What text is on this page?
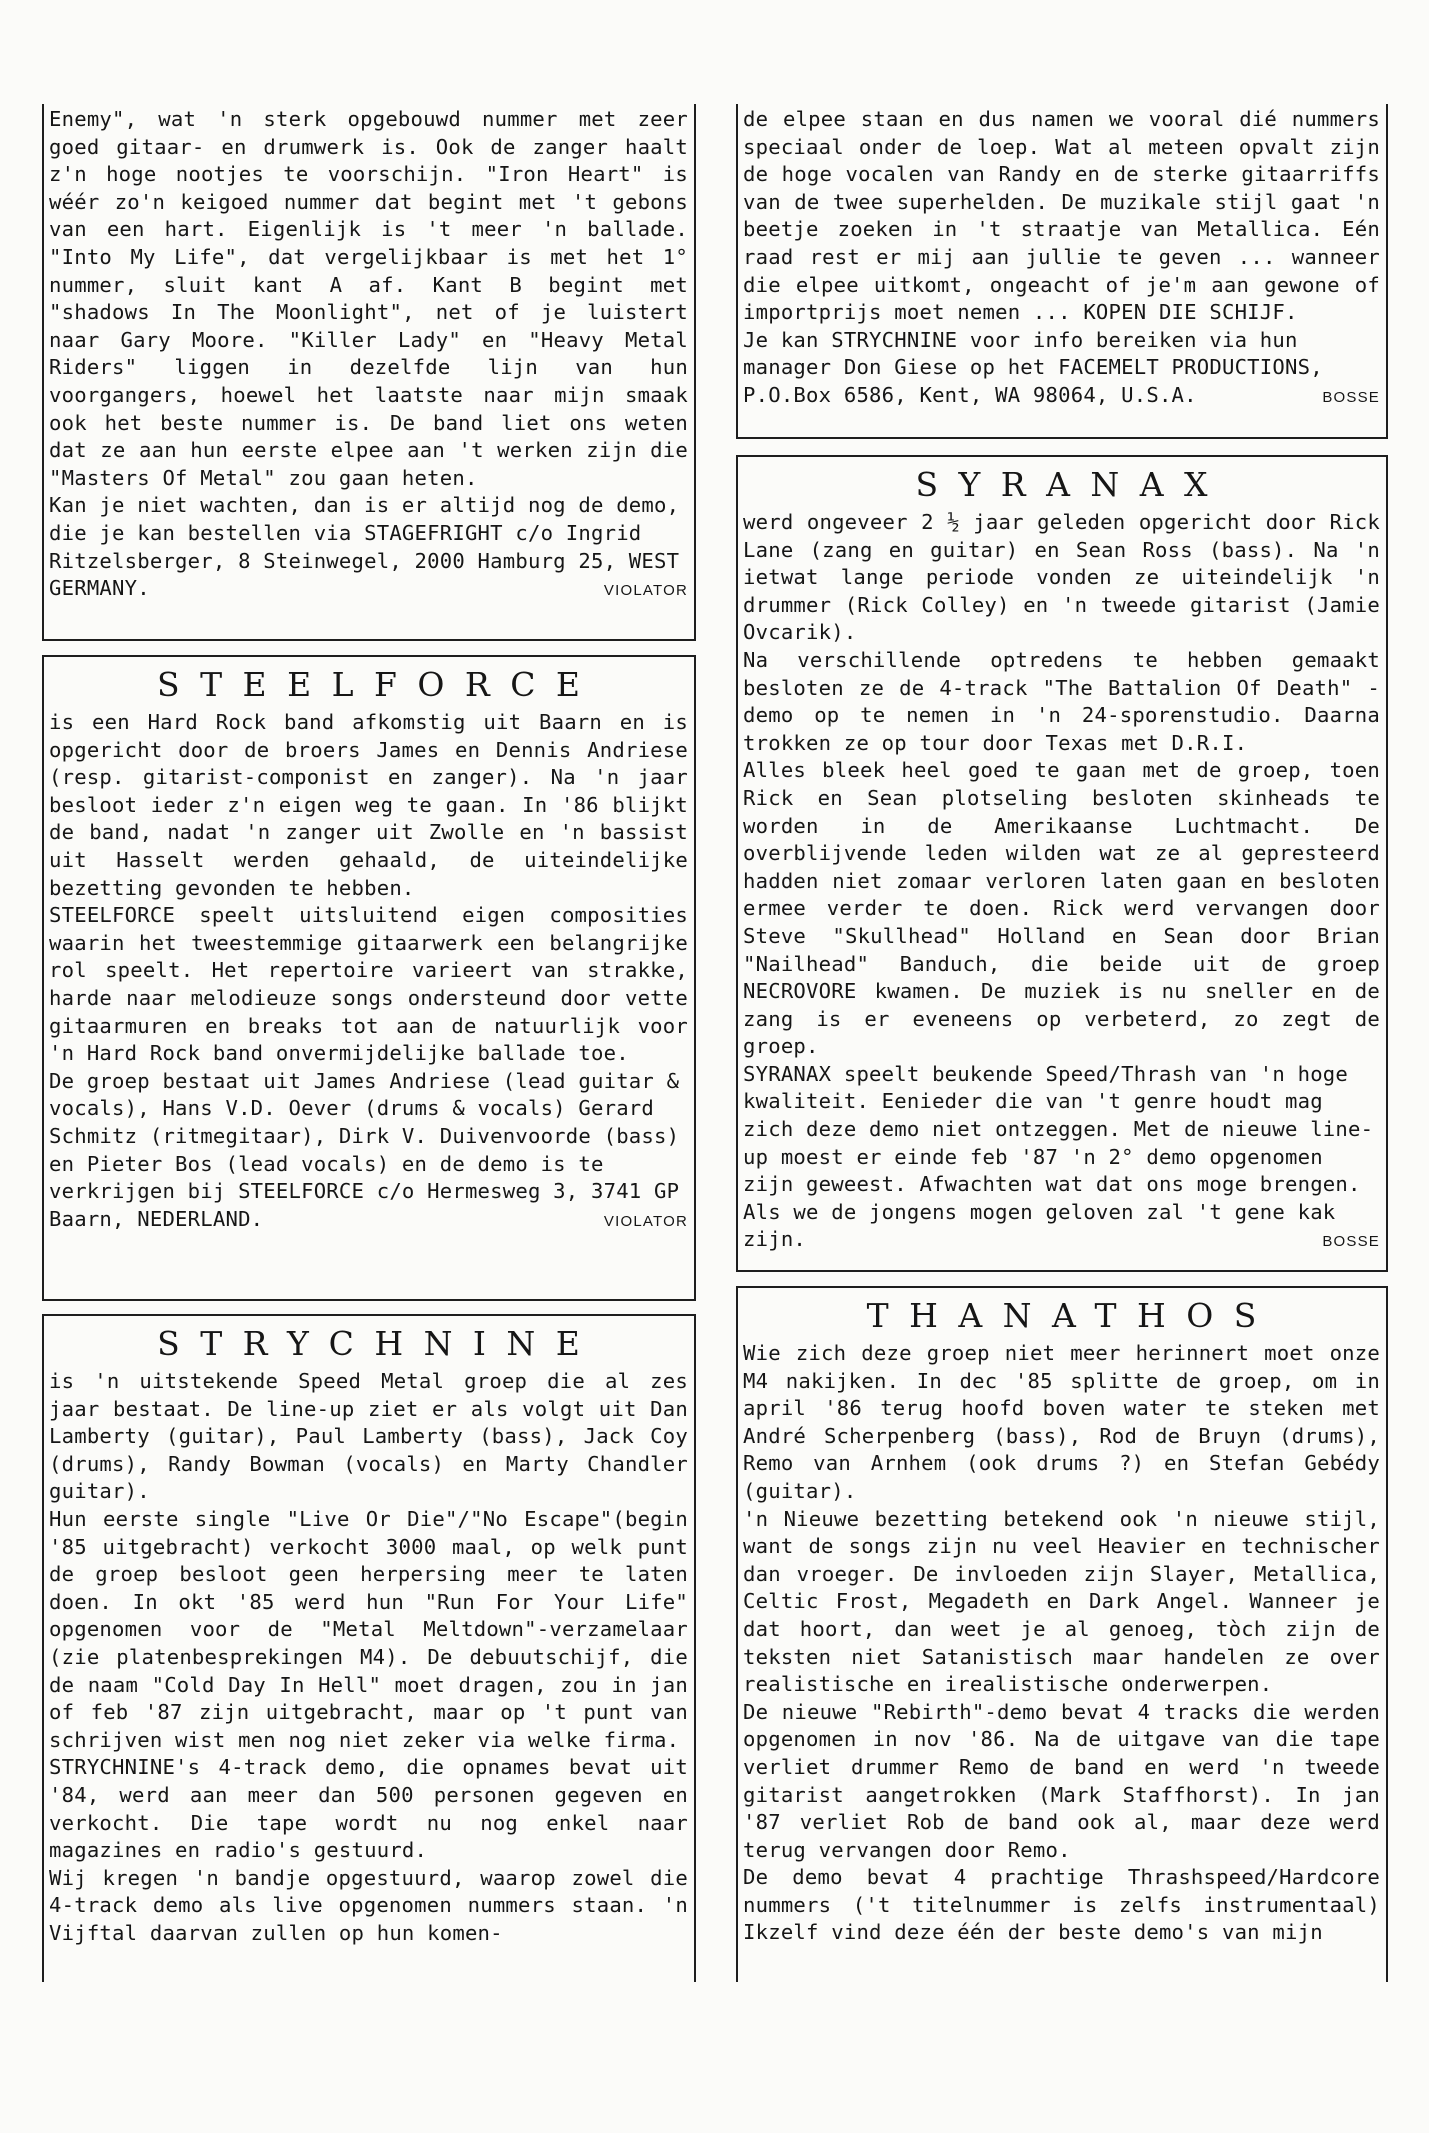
Enemy", wat 'n sterk opgebouwd nummer met zeer goed gitaar- en drumwerk is. Ook de zanger haalt z'n hoge nootjes te voorschijn. "Iron Heart" is wéér zo'n keigoed nummer dat begint met 't gebons van een hart. Eigenlijk is 't meer 'n ballade. "Into My Life", dat vergelijkbaar is met het 1° nummer, sluit kant A af. Kant B begint met "shadows In The Moonlight", net of je luistert naar Gary Moore. "Killer Lady" en "Heavy Metal Riders" liggen in dezelfde lijn van hun voorgangers, hoewel het laatste naar mijn smaak ook het beste nummer is. De band liet ons weten dat ze aan hun eerste elpee aan 't werken zijn die "Masters Of Metal" zou gaan heten.

Kan je niet wachten, dan is er altijd nog de demo, die je kan bestellen via STAGEFRIGHT c/o Ingrid Ritzelsberger, 8 Steinwegel, 2000 Hamburg 25, WEST GERMANY.	VIOLATOR
STEELFORCE

is een Hard Rock band afkomstig uit Baarn en is opgericht door de broers James en Dennis Andriese (resp. gitarist-componist en zanger). Na 'n jaar besloot ieder z'n eigen weg te gaan. In '86 blijkt de band, nadat 'n zanger uit Zwolle en 'n bassist uit Hasselt werden gehaald, de uiteindelijke bezetting gevonden te hebben.

STEELFORCE speelt uitsluitend eigen composities waarin het tweestemmige gitaarwerk een belangrijke rol speelt. Het repertoire varieert van strakke, harde naar melodieuze songs ondersteund door vette gitaarmuren en breaks tot aan de natuurlijk voor 'n Hard Rock band onvermijdelijke ballade toe.

De groep bestaat uit James Andriese (lead guitar & vocals), Hans V.D. Oever (drums & vocals) Gerard Schmitz (ritmegitaar), Dirk V. Duivenvoorde (bass) en Pieter Bos (lead vocals) en de demo is te verkrijgen bij STEELFORCE c/o Hermesweg 3, 3741 GP Baarn, NEDERLAND.	VIOLATOR
STRYCHNINE

is 'n uitstekende Speed Metal groep die al zes jaar bestaat. De line-up ziet er als volgt uit Dan Lamberty (guitar), Paul Lamberty (bass), Jack Coy (drums), Randy Bowman (vocals) en Marty Chandler guitar).

Hun eerste single "Live Or Die"/"No Escape"(begin '85 uitgebracht) verkocht 3000 maal, op welk punt de groep besloot geen herpersing meer te laten doen. In okt '85 werd hun "Run For Your Life" opgenomen voor de "Metal Meltdown"-verzamelaar (zie platenbesprekingen M4). De debuutschijf, die de naam "Cold Day In Hell" moet dragen, zou in jan of feb '87 zijn uitgebracht, maar op 't punt van schrijven wist men nog niet zeker via welke firma.

STRYCHNINE's 4-track demo, die opnames bevat uit '84, werd aan meer dan 500 personen gegeven en verkocht. Die tape wordt nu nog enkel naar magazines en radio's gestuurd.

Wij kregen 'n bandje opgestuurd, waarop zowel die 4-track demo als live opgenomen nummers staan. 'n Vijftal daarvan zullen op hun komen-

de elpee staan en dus namen we vooral dié nummers speciaal onder de loep. Wat al meteen opvalt zijn de hoge vocalen van Randy en de sterke gitaarriffs van de twee superhelden. De muzikale stijl gaat 'n beetje zoeken in 't straatje van Metallica. Eén raad rest er mij aan jullie te geven ... wanneer die elpee uitkomt, ongeacht of je'm aan gewone of importprijs moet nemen ... KOPEN DIE SCHIJF.

Je kan STRYCHNINE voor info bereiken via hun manager Don Giese op het FACEMELT PRODUCTIONS, P.O.Box 6586, Kent, WA 98064, U.S.A.	BOSSE
SYRANAX

werd ongeveer 2 ½ jaar geleden opgericht door Rick Lane (zang en guitar) en Sean Ross (bass). Na 'n ietwat lange periode vonden ze uiteindelijk 'n drummer (Rick Colley) en 'n tweede gitarist (Jamie Ovcarik).

Na verschillende optredens te hebben gemaakt besloten ze de 4-track "The Battalion Of Death" -demo op te nemen in 'n 24-sporenstudio. Daarna trokken ze op tour door Texas met D.R.I.

Alles bleek heel goed te gaan met de groep, toen Rick en Sean plotseling besloten skinheads te worden in de Amerikaanse Luchtmacht. De overblijvende leden wilden wat ze al gepresteerd hadden niet zomaar verloren laten gaan en besloten ermee verder te doen. Rick werd vervangen door Steve "Skullhead" Holland en Sean door Brian "Nailhead" Banduch, die beide uit de groep NECROVORE kwamen. De muziek is nu sneller en de zang is er eveneens op verbeterd, zo zegt de groep.

SYRANAX speelt beukende Speed/Thrash van 'n hoge kwaliteit. Eenieder die van 't genre houdt mag zich deze demo niet ontzeggen. Met de nieuwe line-up moest er einde feb '87 'n 2° demo opgenomen zijn geweest. Afwachten wat dat ons moge brengen. Als we de jongens mogen geloven zal 't gene kak zijn.	BOSSE
THANATHOS

Wie zich deze groep niet meer herinnert moet onze M4 nakijken. In dec '85 splitte de groep, om in april '86 terug hoofd boven water te steken met André Scherpenberg (bass), Rod de Bruyn (drums), Remo van Arnhem (ook drums ?) en Stefan Gebédy (guitar).

'n Nieuwe bezetting betekend ook 'n nieuwe stijl, want de songs zijn nu veel Heavier en technischer dan vroeger. De invloeden zijn Slayer, Metallica, Celtic Frost, Megadeth en Dark Angel. Wanneer je dat hoort, dan weet je al genoeg, tòch zijn de teksten niet Satanistisch maar handelen ze over realistische en irealistische onderwerpen.

De nieuwe "Rebirth"-demo bevat 4 tracks die werden opgenomen in nov '86. Na de uitgave van die tape verliet drummer Remo de band en werd 'n tweede gitarist aangetrokken (Mark Staffhorst). In jan '87 verliet Rob de band ook al, maar deze werd terug vervangen door Remo.

De demo bevat 4 prachtige Thrashspeed/Hardcore nummers ('t titelnummer is zelfs instrumentaal) Ikzelf vind deze één der beste demo's van mijn
